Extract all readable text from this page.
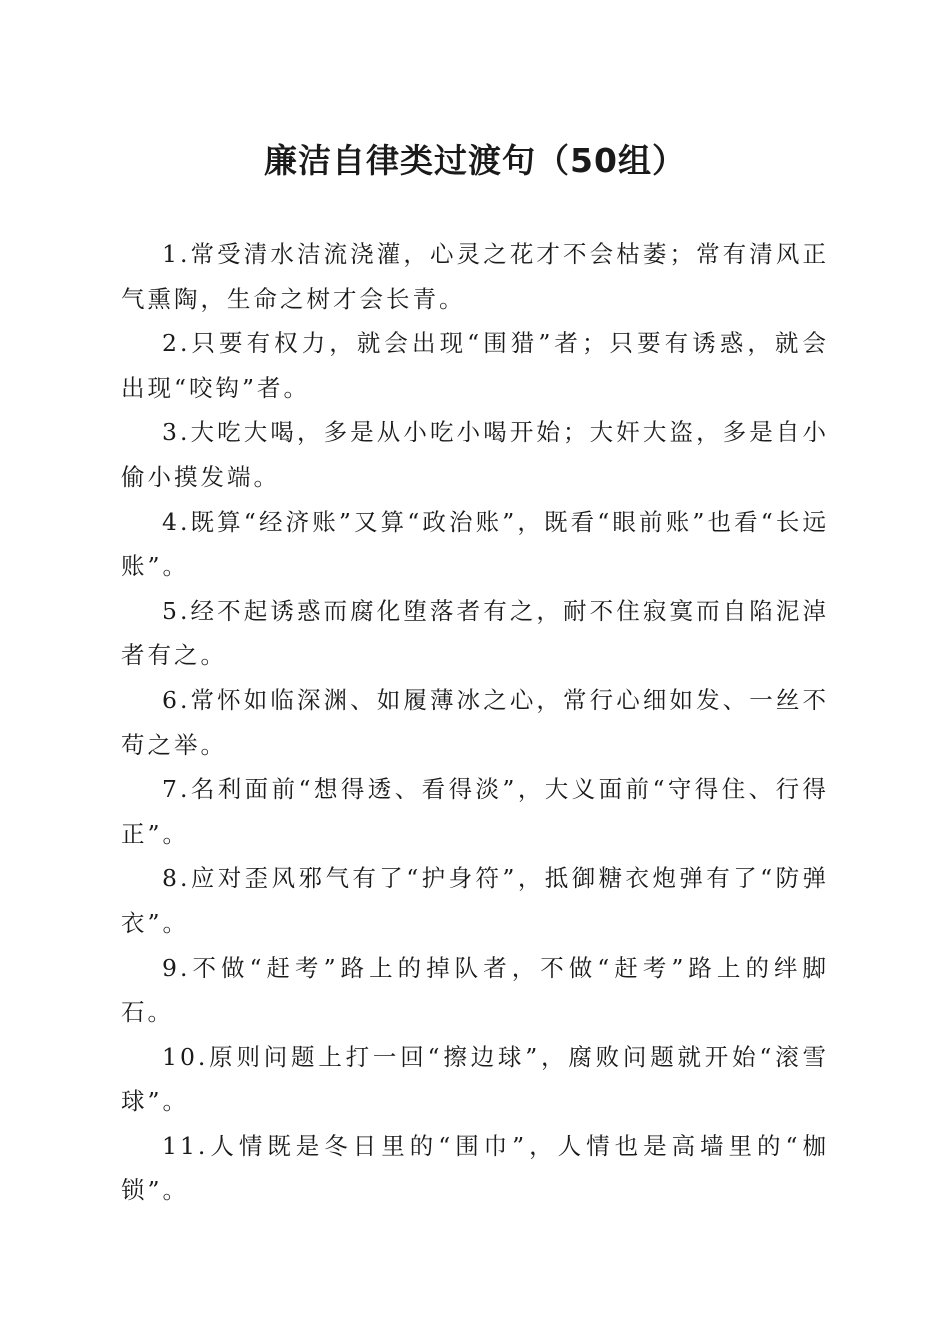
廉洁自律类过渡句（50组）

1.常受清水洁流浇灌，心灵之花才不会枯萎；常有清风正气熏陶，生命之树才会长青。

2.只要有权力，就会出现“围猎”者；只要有诱惑，就会出现“咬钩”者。

3.大吃大喝，多是从小吃小喝开始；大奸大盗，多是自小偷小摸发端。

4.既算“经济账”又算“政治账”，既看“眼前账”也看“长远账”。

5.经不起诱惑而腐化堕落者有之，耐不住寂寞而自陷泥淖者有之。

6.常怀如临深渊、如履薄冰之心，常行心细如发、一丝不苟之举。

7.名利面前“想得透、看得淡”，大义面前“守得住、行得正”。

8.应对歪风邪气有了“护身符”，抵御糖衣炮弹有了“防弹衣”。

9.不做“赶考”路上的掉队者，不做“赶考”路上的绊脚石。

10.原则问题上打一回“擦边球”，腐败问题就开始“滚雪球”。

11.人情既是冬日里的“围巾”，人情也是高墙里的“枷锁”。
